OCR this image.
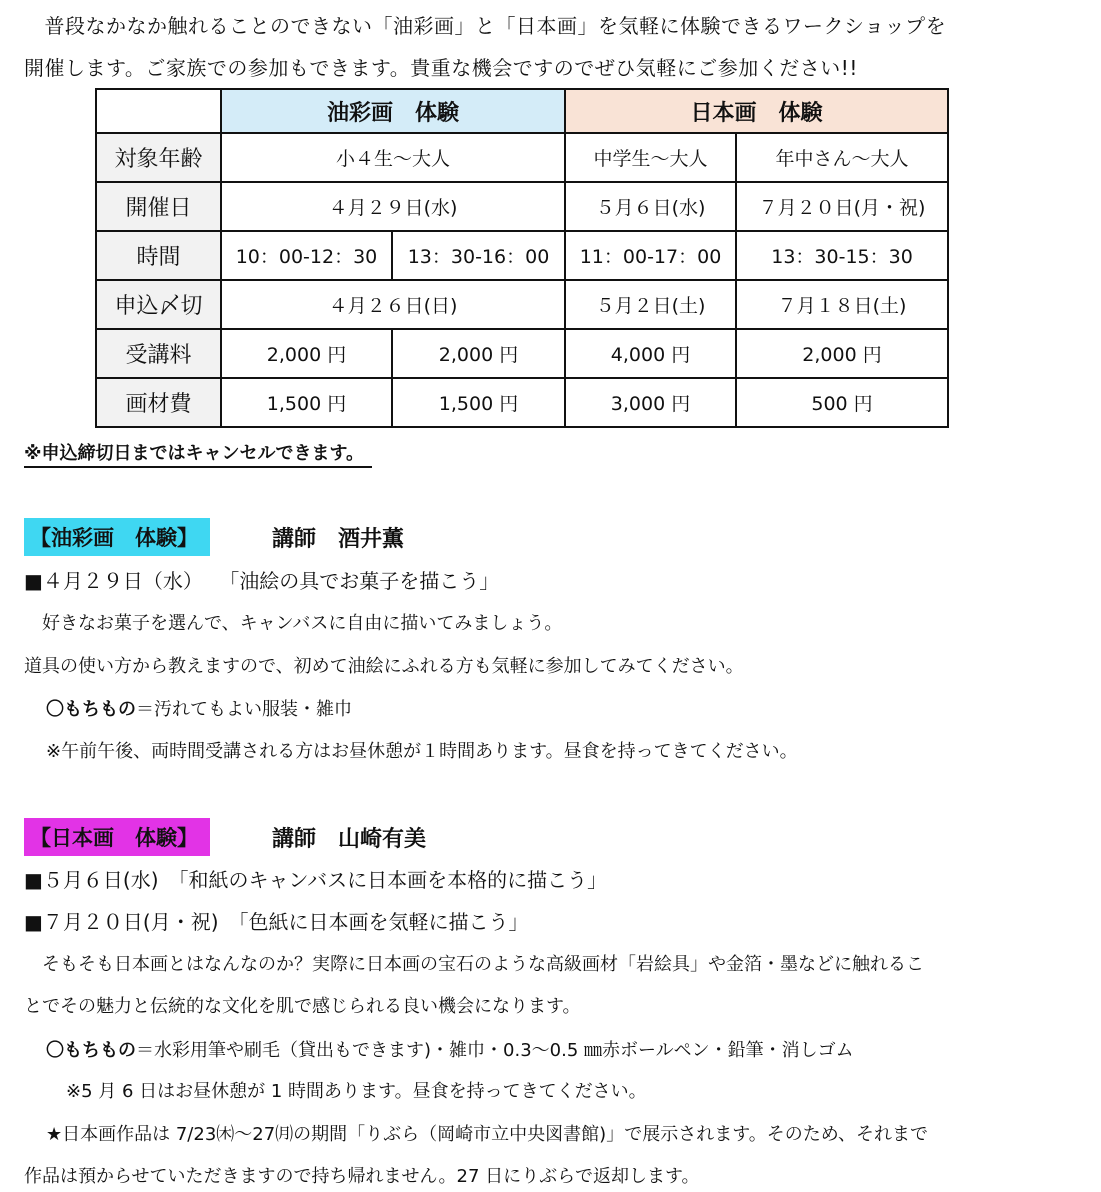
　普段なかなか触れることのできない「油彩画」と「日本画」を気軽に体験できるワークショップを
開催します。ご家族での参加もできます。貴重な機会ですのでぜひ気軽にご参加ください!!
	油彩画　体験		日本画　体験	
対象年齢	小４生～大人		中学生～大人	年中さん～大人
開催日	４月２９日(水)		５月６日(水)	７月２０日(月・祝)
時間	10：00-12：30	13：30-16：00	11：00-17：00	13：30-15：30
申込〆切	４月２６日(日)		５月２日(土)	７月１８日(土)
受講料	2,000 円	2,000 円	4,000 円	2,000 円
画材費	1,500 円	1,500 円	3,000 円	500 円
※申込締切日まではキャンセルできます。
【油彩画　体験】	講師　酒井薫
■４月２９日（水）　 「油絵の具でお菓子を描こう」
　好きなお菓子を選んで、キャンバスに自由に描いてみましょう。
道具の使い方から教えますので、初めて油絵にふれる方も気軽に参加してみてください。
〇もちもの＝汚れてもよい服装・雑巾
※午前午後、両時間受講される方はお昼休憩が１時間あります。昼食を持ってきてください。
【日本画　体験】	講師　山崎有美
■５月６日(水)　「和紙のキャンバスに日本画を本格的に描こう」
■７月２０日(月・祝)　「色紙に日本画を気軽に描こう」
　そもそも日本画とはなんなのか？実際に日本画の宝石のような高級画材「岩絵具」や金箔・墨などに触れるこ
とでその魅力と伝統的な文化を肌で感じられる良い機会になります。
〇もちもの＝水彩用筆や刷毛（貸出もできます)・雑巾・0.3～0.5 ㎜赤ボールペン・鉛筆・消しゴム
※5 月 6 日はお昼休憩が 1 時間あります。昼食を持ってきてください。
★日本画作品は 7/23㈭～27㈪の期間「りぶら（岡崎市立中央図書館)」で展示されます。そのため、それまで
作品は預からせていただきますので持ち帰れません。27 日にりぶらで返却します。
